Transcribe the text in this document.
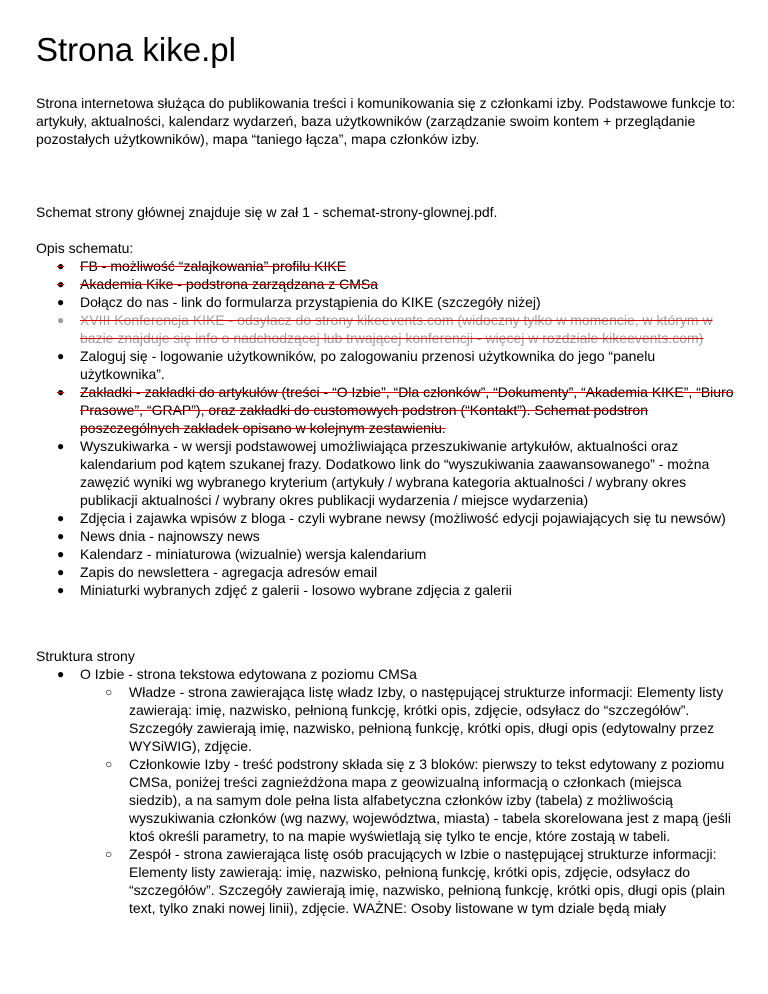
Strona kike.pl

Strona internetowa służąca do publikowania treści i komunikowania się z członkami izby. Podstawowe funkcje to: artykuły, aktualności, kalendarz wydarzeń, baza użytkowników (zarządzanie swoim kontem + przeglądanie pozostałych użytkowników), mapa “taniego łącza”, mapa członków izby.

Schemat strony głównej znajduje się w zał 1 - schemat-strony-glownej.pdf.

Opis schematu:

● FB - możliwość “zalajkowania” profilu KIKE
● Akademia Kike - podstrona zarządzana z CMSa
● Dołącz do nas - link do formularza przystąpienia do KIKE (szczegóły niżej)
● XVIII Konferencja KIKE - odsyłacz do strony kikeevents.com (widoczny tylko w momencie, w którym w bazie znajduje się info o nadchodzącej lub trwającej konferencji - więcej w rozdziale kikeevents.com)
● Zaloguj się - logowanie użytkowników, po zalogowaniu przenosi użytkownika do jego “panelu użytkownika”.
● Zakładki - zakładki do artykułów (treści - “O Izbie”, “Dla członków”, “Dokumenty”, “Akademia KIKE”, “Biuro Prasowe”, “GRAP”), oraz zakładki do customowych podstron (“Kontakt”). Schemat podstron poszczególnych zakładek opisano w kolejnym zestawieniu.
● Wyszukiwarka - w wersji podstawowej umożliwiająca przeszukiwanie artykułów, aktualności oraz kalendarium pod kątem szukanej frazy. Dodatkowo link do “wyszukiwania zaawansowanego” - można zawęzić wyniki wg wybranego kryterium (artykuły / wybrana kategoria aktualności / wybrany okres publikacji aktualności / wybrany okres publikacji wydarzenia / miejsce wydarzenia)
● Zdjęcia i zajawka wpisów z bloga - czyli wybrane newsy (możliwość edycji pojawiających się tu newsów)
● News dnia - najnowszy news
● Kalendarz - miniaturowa (wizualnie) wersja kalendarium
● Zapis do newslettera - agregacja adresów email
● Miniaturki wybranych zdjęć z galerii - losowo wybrane zdjęcia z galerii

Struktura strony

● O Izbie - strona tekstowa edytowana z poziomu CMSa
○ Władze - strona zawierająca listę władz Izby, o następującej strukturze informacji: Elementy listy zawierają: imię, nazwisko, pełnioną funkcję, krótki opis, zdjęcie, odsyłacz do “szczegółów”. Szczegóły zawierają imię, nazwisko, pełnioną funkcję, krótki opis, długi opis (edytowalny przez WYSiWIG), zdjęcie.
○ Członkowie Izby - treść podstrony składa się z 3 bloków: pierwszy to tekst edytowany z poziomu CMSa, poniżej treści zagnieżdżona mapa z geowizualną informacją o członkach (miejsca siedzib), a na samym dole pełna lista alfabetyczna członków izby (tabela) z możliwością wyszukiwania członków (wg nazwy, województwa, miasta) - tabela skorelowana jest z mapą (jeśli ktoś określi parametry, to na mapie wyświetlają się tylko te encje, które zostają w tabeli.
○ Zespół - strona zawierająca listę osób pracujących w Izbie o następującej strukturze informacji: Elementy listy zawierają: imię, nazwisko, pełnioną funkcję, krótki opis, zdjęcie, odsyłacz do “szczegółów”. Szczegóły zawierają imię, nazwisko, pełnioną funkcję, krótki opis, długi opis (plain text, tylko znaki nowej linii), zdjęcie. WAŻNE: Osoby listowane w tym dziale będą miały
